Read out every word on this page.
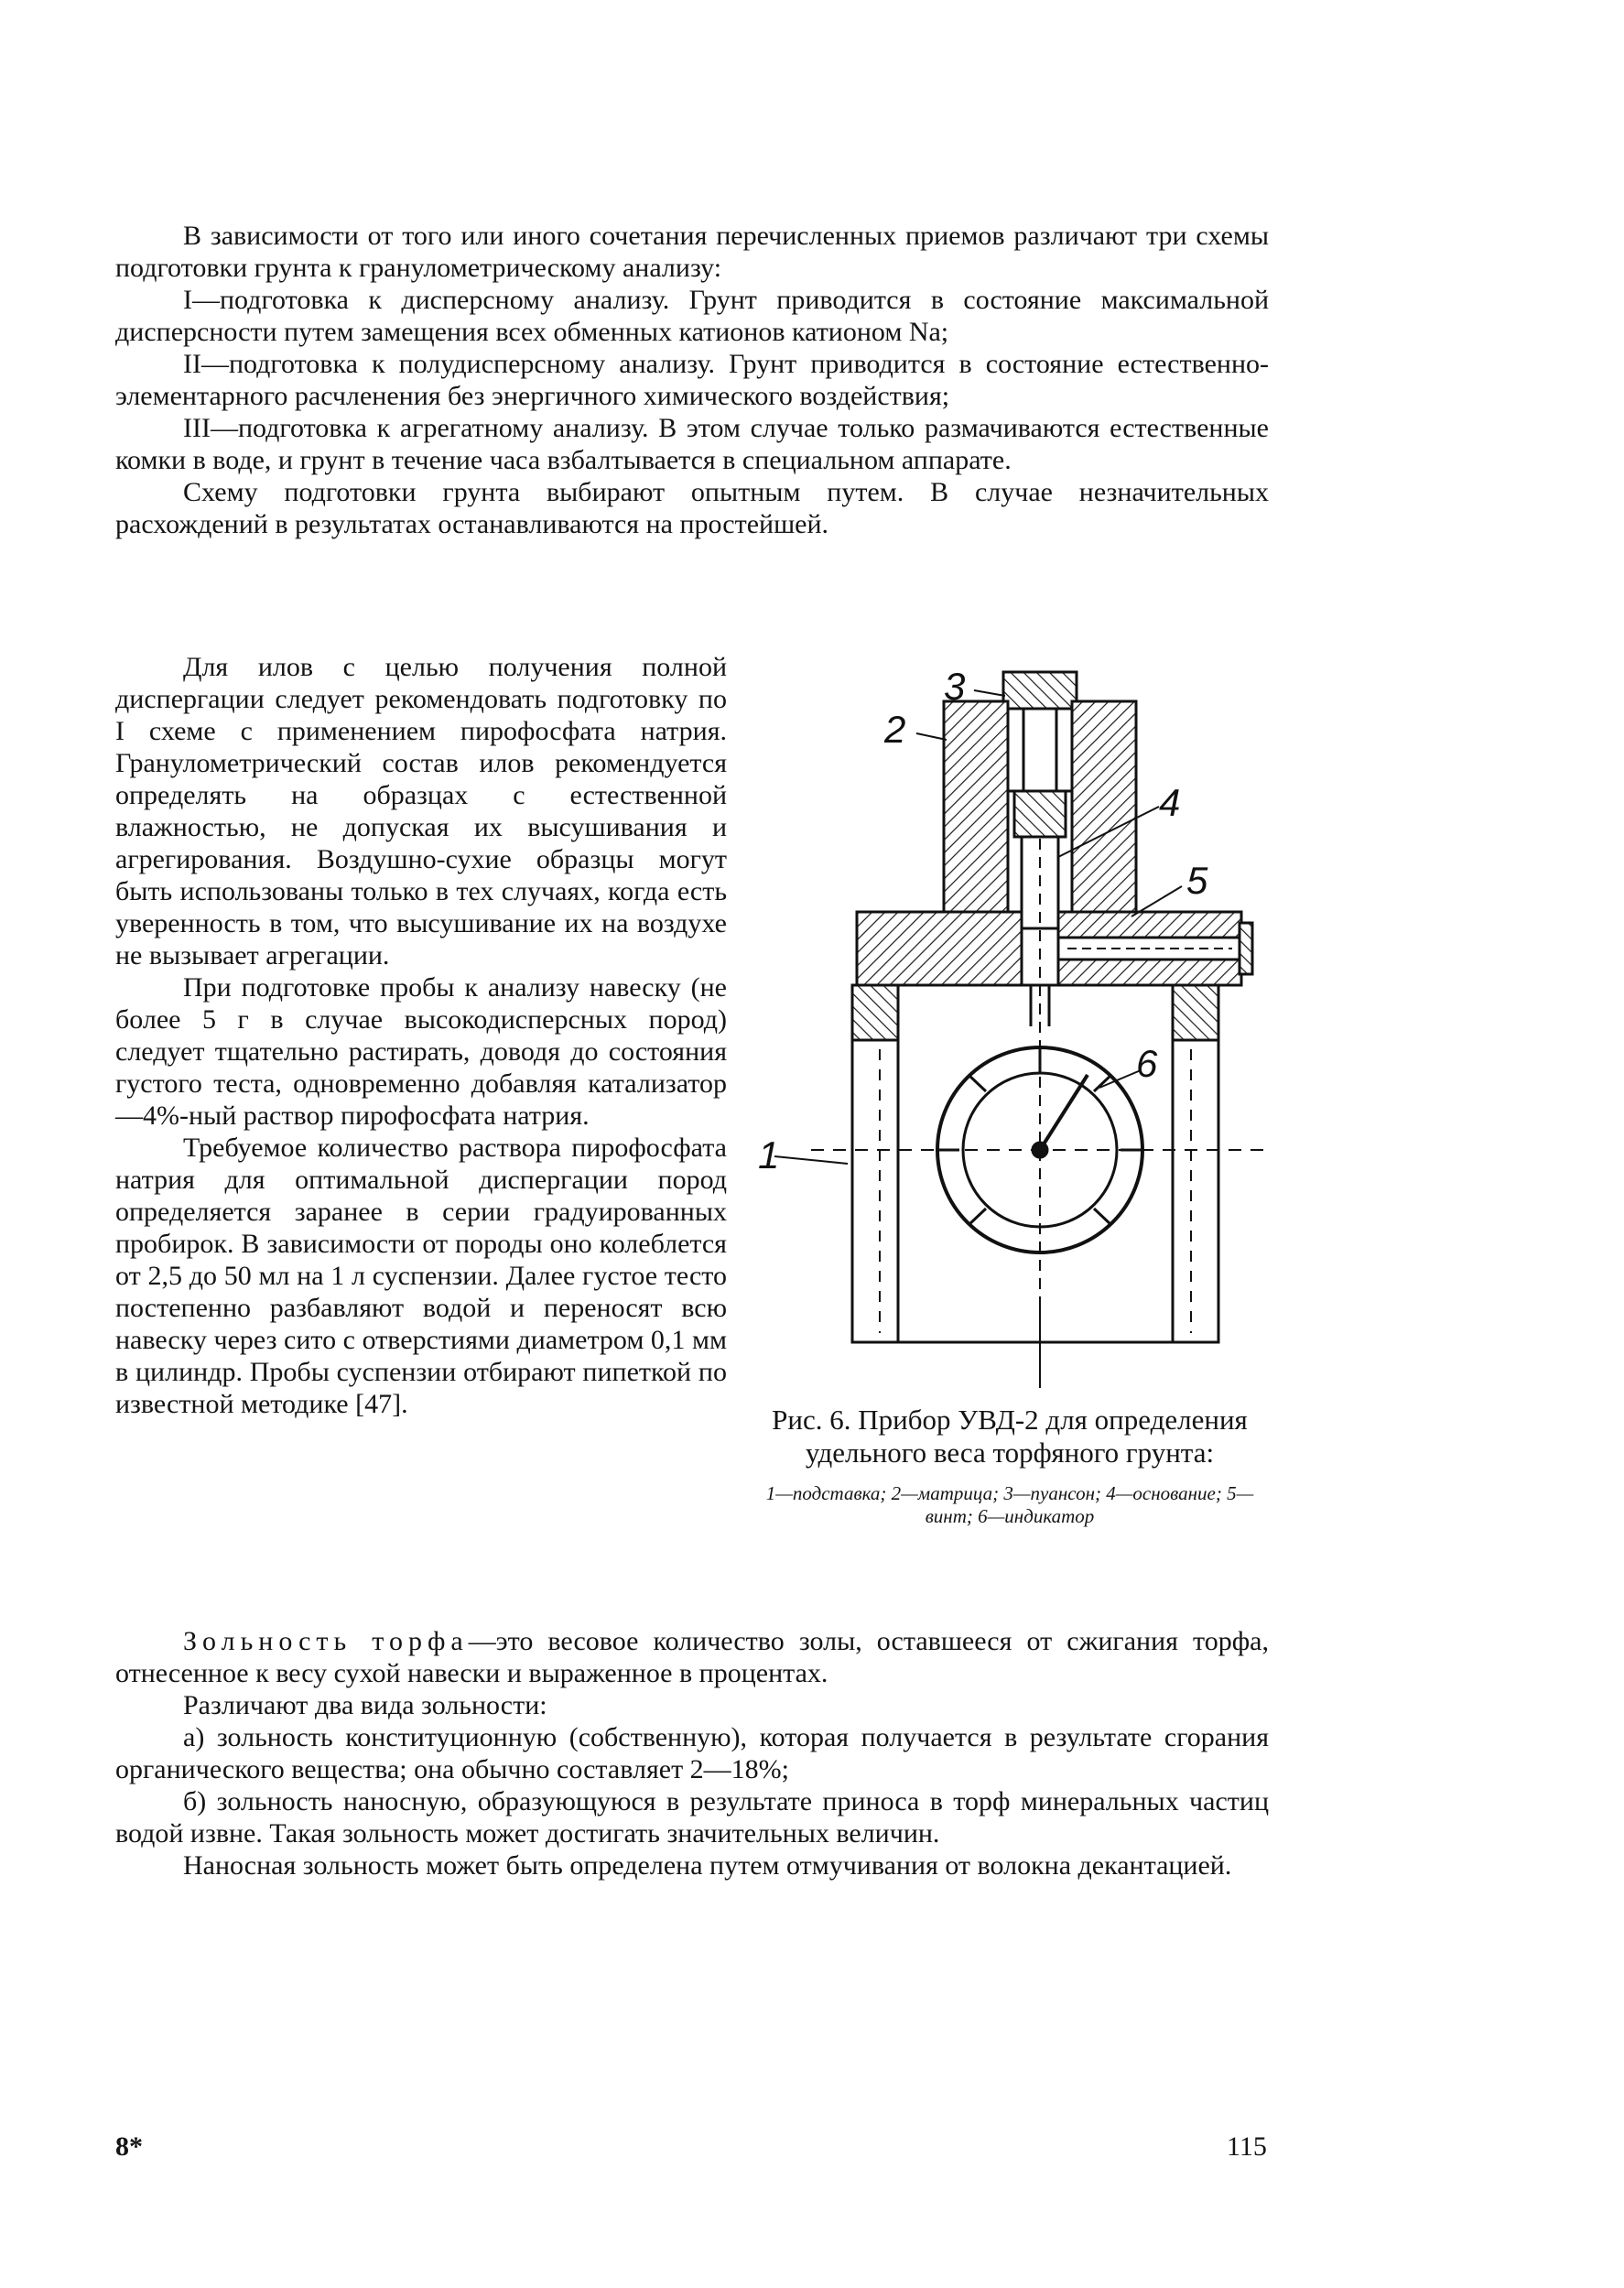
В зависимости от того или иного сочетания перечисленных приемов различают три схемы подготовки грунта к гранулометрическому анализу:

I—подготовка к дисперсному анализу. Грунт приводится в состояние максимальной дисперсности путем замещения всех обменных катионов катионом Na;

II—подготовка к полудисперсному анализу. Грунт приводится в состояние естественно-элементарного расчленения без энергичного химического воздействия;

III—подготовка к агрегатному анализу. В этом случае только размачиваются естественные комки в воде, и грунт в течение часа взбалтывается в специальном аппарате.

Схему подготовки грунта выбирают опытным путем. В случае незначительных расхождений в результатах останавливаются на простейшей.

Для илов с целью получения полной диспергации следует рекомендовать подготовку по I схеме с применением пирофосфата натрия. Гранулометрический состав илов рекомендуется определять на образцах с естественной влажностью, не допуская их высушивания и агрегирования. Воздушно-сухие образцы могут быть использованы только в тех случаях, когда есть уверенность в том, что высушивание их на воздухе не вызывает агрегации.

При подготовке пробы к анализу навеску (не более 5 г в случае высокодисперсных пород) следует тщательно растирать, доводя до состояния густого теста, одновременно добавляя катализатор—4%-ный раствор пирофосфата натрия.

Требуемое количество раствора пирофосфата натрия для оптимальной диспергации пород определяется заранее в серии градуированных пробирок. В зависимости от породы оно колеблется от 2,5 до 50 мл на 1 л суспензии. Далее густое тесто постепенно разбавляют водой и переносят всю навеску через сито с отверстиями диаметром 0,1 мм в цилиндр. Пробы суспензии отбирают пипеткой по известной методике [47].

1
2
3
4
5
6
Рис. 6. Прибор УВД-2 для определения удельного веса торфяного грунта:
1—подставка; 2—матрица; 3—пуансон; 4—основание; 5—винт; 6—индикатор

Зольность торфа—это весовое количество золы, оставшееся от сжигания торфа, отнесенное к весу сухой навески и выраженное в процентах.

Различают два вида зольности:

а) зольность конституционную (собственную), которая получается в результате сгорания органического вещества; она обычно составляет 2—18%;

б) зольность наносную, образующуюся в результате приноса в торф минеральных частиц водой извне. Такая зольность может достигать значительных величин.

Наносная зольность может быть определена путем отмучивания от волокна декантацией.

8*	115
